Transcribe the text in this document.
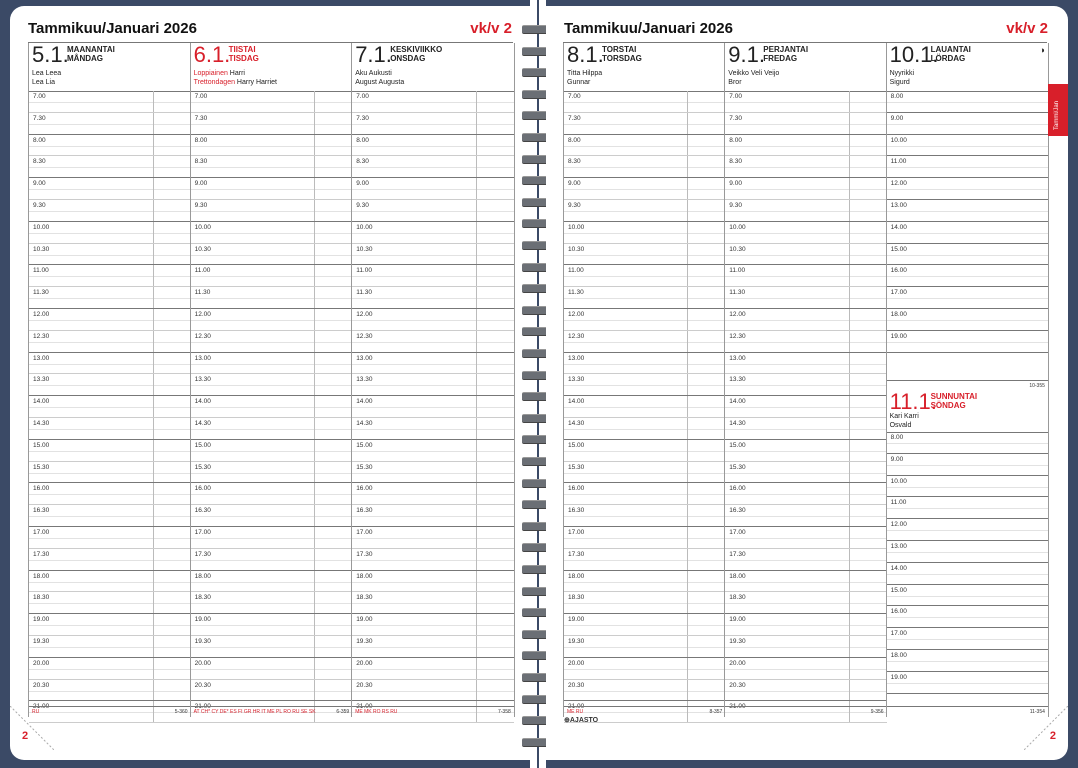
Tammikuu/Januari 2026	vk/v 2
5.1.
MAANANTAI
MÅNDAG
Lea Leea
Lea Lia
7.00
7.30
8.00
8.30
9.00
9.30
10.00
10.30
11.00
11.30
12.00
12.30
13.00
13.30
14.00
14.30
15.00
15.30
16.00
16.30
17.00
17.30
18.00
18.30
19.00
19.30
20.00
20.30
21.00
RU	5-360
6.1.
TIISTAI
TISDAG
Loppiainen Harri
Trettondagen Harry Harriet
7.00
7.30
8.00
8.30
9.00
9.30
10.00
10.30
11.00
11.30
12.00
12.30
13.00
13.30
14.00
14.30
15.00
15.30
16.00
16.30
17.00
17.30
18.00
18.30
19.00
19.30
20.00
20.30
21.00
AT CH* CY DE* ES FI GR HR IT ME PL RO RU SE SK	6-359
7.1.
KESKIVIIKKO
ONSDAG
Aku Aukusti
August Augusta
7.00
7.30
8.00
8.30
9.00
9.30
10.00
10.30
11.00
11.30
12.00
12.30
13.00
13.30
14.00
14.30
15.00
15.30
16.00
16.30
17.00
17.30
18.00
18.30
19.00
19.30
20.00
20.30
21.00
ME MK RO RS RU	7-358
2
Tammikuu/Januari 2026	vk/v 2
8.1.
TORSTAI
TORSDAG
Titta Hilppa
Gunnar
7.00
7.30
8.00
8.30
9.00
9.30
10.00
10.30
11.00
11.30
12.00
12.30
13.00
13.30
14.00
14.30
15.00
15.30
16.00
16.30
17.00
17.30
18.00
18.30
19.00
19.30
20.00
20.30
21.00
ME RU	8-357
9.1.
PERJANTAI
FREDAG
Veikko Veli Veijo
Bror
7.00
7.30
8.00
8.30
9.00
9.30
10.00
10.30
11.00
11.30
12.00
12.30
13.00
13.30
14.00
14.30
15.00
15.30
16.00
16.30
17.00
17.30
18.00
18.30
19.00
19.30
20.00
20.30
21.00
9-356
10.1.
LAUANTAI
LÖRDAG
Nyyrikki
Sigurd
◑
8.00
9.00
10.00
11.00
12.00
13.00
14.00
15.00
16.00
17.00
18.00
19.00
10-355
11.1.
SUNNUNTAI
SÖNDAG
Kari Karri
Osvald
8.00
9.00
10.00
11.00
12.00
13.00
14.00
15.00
16.00
17.00
18.00
19.00
11-354
2
Tammi/Jan
⊕AJASTO
